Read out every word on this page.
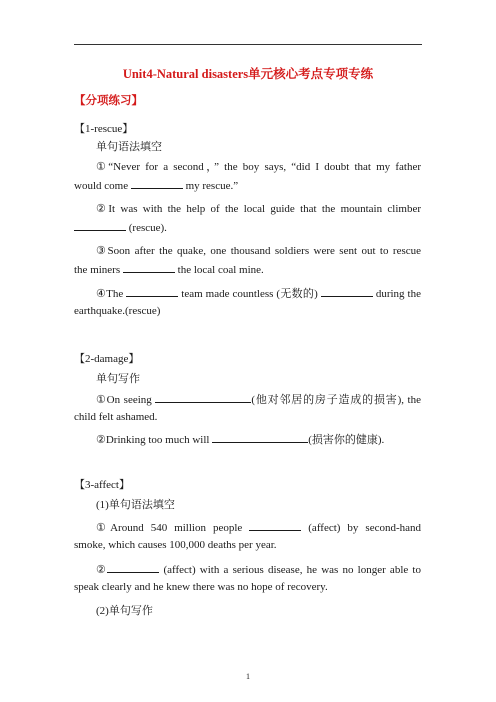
Unit4-Natural disasters单元核心考点专项专练
【分项练习】
【1-rescue】
单句语法填空
①“Never for a second，” the boy says, “did I doubt that my father
would come	my rescue.”
②It was with the help of the local guide that the mountain climber
(rescue).
③Soon after the quake, one thousand soldiers were sent out to rescue
the miners	the local coal mine.
④The	team made countless (无数的)	during the
earthquake.(rescue)
【2-damage】
单句写作
①On seeing	(他对邻居的房子造成的损害), the
child felt ashamed.
②Drinking too much will	(损害你的健康).
【3-affect】
(1)单句语法填空
①Around 540 million people	(affect) by second-hand
smoke, which causes 100,000 deaths per year.
②	(affect) with a serious disease, he was no longer able to
speak clearly and he knew there was no hope of recovery.
(2)单句写作
1
